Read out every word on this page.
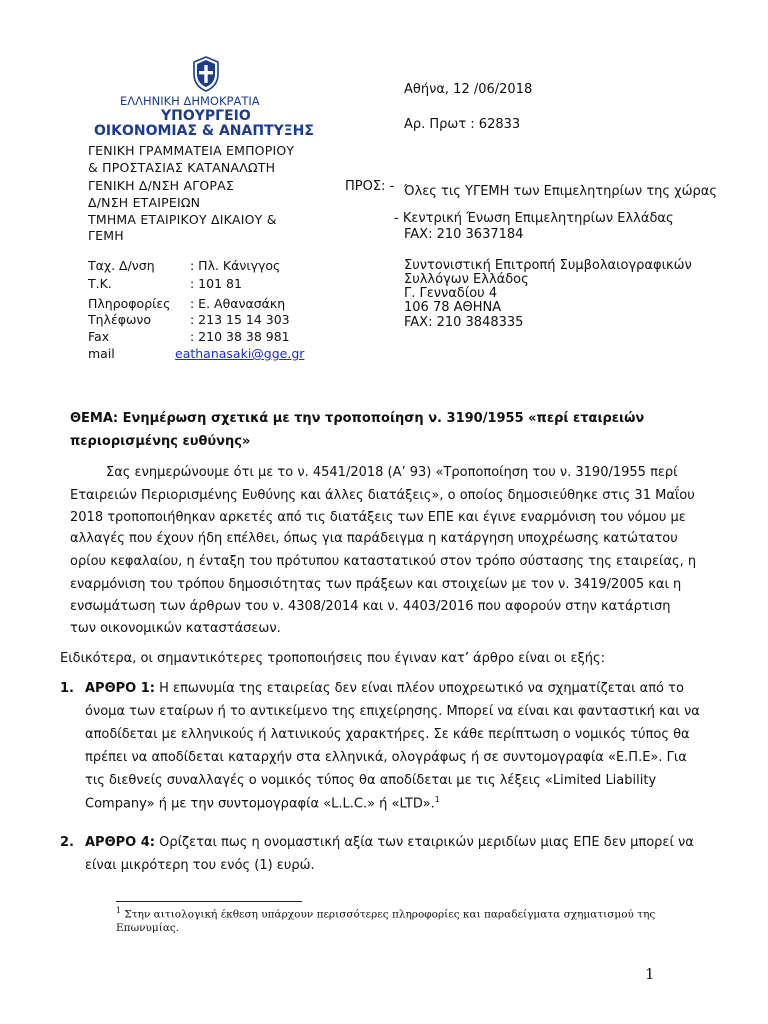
ΕΛΛΗΝΙΚΗ ΔΗΜΟΚΡΑΤΙΑ
ΥΠΟΥΡΓΕΙΟ
ΟΙΚΟΝΟΜΙΑΣ & ΑΝΑΠΤΥΞΗΣ
ΓΕΝΙΚΗ ΓΡΑΜΜΑΤΕΙΑ ΕΜΠΟΡΙΟΥ
& ΠΡΟΣΤΑΣΙΑΣ ΚΑΤΑΝΑΛΩΤΗ
ΓΕΝΙΚΗ Δ/ΝΣΗ ΑΓΟΡΑΣ
Δ/ΝΣΗ ΕΤΑΙΡΕΙΩΝ
ΤΜΗΜΑ ΕΤΑΙΡΙΚΟΥ ΔΙΚΑΙΟΥ &
ΓΕΜΗ
Ταχ. Δ/νση	: Πλ. Κάνιγγος
Τ.Κ.	: 101 81
Πληροφορίες : Ε. Αθανασάκη
Τηλέφωνο	: 213 15 14 303
Fax	: 210 38 38 981
mail	eathanasaki@gge.gr
Αθήνα, 12 /06/2018
Αρ. Πρωτ : 62833
ΠΡΟΣ: - Όλες τις ΥΓΕΜΗ των Επιμελητηρίων της χώρας
- Κεντρική Ένωση Επιμελητηρίων Ελλάδας
FAX: 210 3637184
Συντονιστική Επιτροπή Συμβολαιογραφικών
Συλλόγων Ελλάδος
Γ. Γενναδίου 4
106 78 ΑΘΗΝΑ
FAX: 210 3848335
ΘΕΜΑ: Ενημέρωση σχετικά με την τροποποίηση ν. 3190/1955 «περί εταιρειών
περιορισμένης ευθύνης»
Σας ενημερώνουμε ότι με το ν. 4541/2018 (Α’ 93) «Τροποποίηση του ν. 3190/1955 περί
Εταιρειών Περιορισμένης Ευθύνης και άλλες διατάξεις», ο οποίος δημοσιεύθηκε στις 31 Μαΐου
2018 τροποποιήθηκαν αρκετές από τις διατάξεις των ΕΠΕ και έγινε εναρμόνιση του νόμου με
αλλαγές που έχουν ήδη επέλθει, όπως για παράδειγμα η κατάργηση υποχρέωσης κατώτατου
ορίου κεφαλαίου, η ένταξη του πρότυπου καταστατικού στον τρόπο σύστασης της εταιρείας, η
εναρμόνιση του τρόπου δημοσιότητας των πράξεων και στοιχείων με τον ν. 3419/2005 και η
ενσωμάτωση των άρθρων του ν. 4308/2014 και ν. 4403/2016 που αφορούν στην κατάρτιση
των οικονομικών καταστάσεων.
Ειδικότερα, οι σημαντικότερες τροποποιήσεις που έγιναν κατ’ άρθρο είναι οι εξής:
1. ΑΡΘΡΟ 1: Η επωνυμία της εταιρείας δεν είναι πλέον υποχρεωτικό να σχηματίζεται από το
όνομα των εταίρων ή το αντικείμενο της επιχείρησης. Μπορεί να είναι και φανταστική και να
αποδίδεται με ελληνικούς ή λατινικούς χαρακτήρες. Σε κάθε περίπτωση ο νομικός τύπος θα
πρέπει να αποδίδεται καταρχήν στα ελληνικά, ολογράφως ή σε συντομογραφία «Ε.Π.Ε». Για
τις διεθνείς συναλλαγές ο νομικός τύπος θα αποδίδεται με τις λέξεις «Limited Liability
Company» ή με την συντομογραφία «L.L.C.» ή «LTD».$^1$
2. ΑΡΘΡΟ 4: Ορίζεται πως η ονομαστική αξία των εταιρικών μεριδίων μιας ΕΠΕ δεν μπορεί να
είναι μικρότερη του ενός (1) ευρώ.
$^1$ Στην αιτιολογική έκθεση υπάρχουν περισσότερες πληροφορίες και παραδείγματα σχηματισμού της
Επωνυμίας.
1
